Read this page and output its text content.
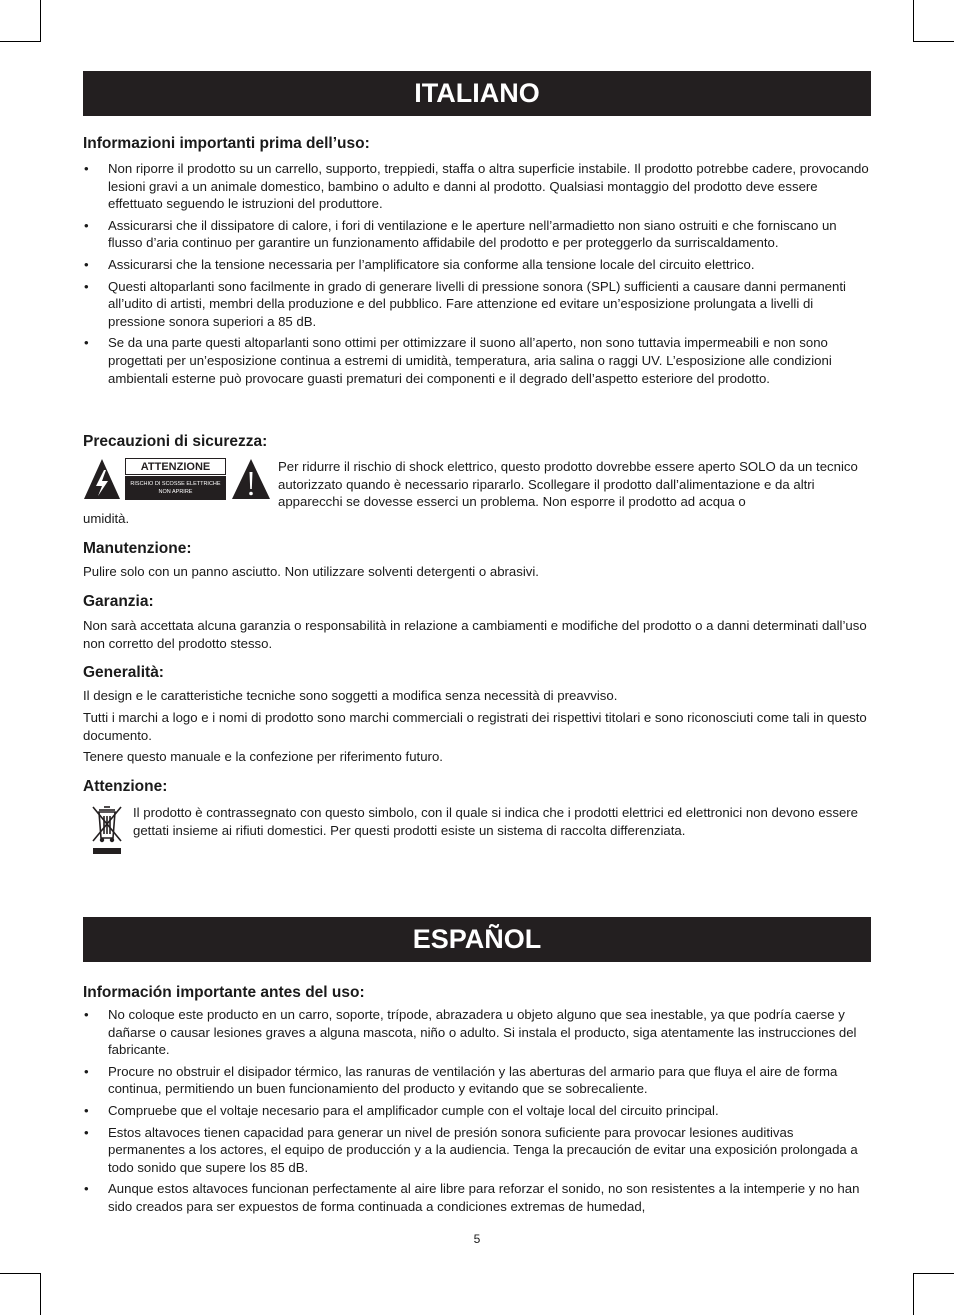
ITALIANO
Informazioni importanti prima dell’uso:
• Non riporre il prodotto su un carrello, supporto, treppiedi, staffa o altra superficie instabile. Il prodotto potrebbe cadere, provocando lesioni gravi a un animale domestico, bambino o adulto e danni al prodotto. Qualsiasi montaggio del prodotto deve essere effettuato seguendo le istruzioni del produttore.
• Assicurarsi che il dissipatore di calore, i fori di ventilazione e le aperture nell’armadietto non siano ostruiti e che forniscano un flusso d’aria continuo per garantire un funzionamento affidabile del prodotto e per proteggerlo da surriscaldamento.
• Assicurarsi che la tensione necessaria per l’amplificatore sia conforme alla tensione locale del circuito elettrico.
• Questi altoparlanti sono facilmente in grado di generare livelli di pressione sonora (SPL) sufficienti a causare danni permanenti all’udito di artisti, membri della produzione e del pubblico. Fare attenzione ed evitare un’esposizione prolungata a livelli di pressione sonora superiori a 85 dB.
• Se da una parte questi altoparlanti sono ottimi per ottimizzare il suono all’aperto, non sono tuttavia impermeabili e non sono progettati per un’esposizione continua a estremi di umidità, temperatura, aria salina o raggi UV. L’esposizione alle condizioni ambientali esterne può provocare guasti prematuri dei componenti e il degrado dell’aspetto esteriore del prodotto.
Precauzioni di sicurezza:
ATTENZIONE
RISCHIO DI SCOSSE ELETTRICHE
NON APRIRE
Per ridurre il rischio di shock elettrico, questo prodotto dovrebbe essere aperto SOLO da un tecnico autorizzato quando è necessario ripararlo. Scollegare il prodotto dall’alimentazione e da altri apparecchi se dovesse esserci un problema. Non esporre il prodotto ad acqua o
umidità.
Manutenzione:

Pulire solo con un panno asciutto. Non utilizzare solventi detergenti o abrasivi.

Garanzia:

Non sarà accettata alcuna garanzia o responsabilità in relazione a cambiamenti e modifiche del prodotto o a danni determinati dall’uso non corretto del prodotto stesso.

Generalità:

Il design e le caratteristiche tecniche sono soggetti a modifica senza necessità di preavviso.

Tutti i marchi a logo e i nomi di prodotto sono marchi commerciali o registrati dei rispettivi titolari e sono riconosciuti come tali in questo documento.

Tenere questo manuale e la confezione per riferimento futuro.

Attenzione:

Il prodotto è contrassegnato con questo simbolo, con il quale si indica che i prodotti elettrici ed elettronici non devono essere gettati insieme ai rifiuti domestici. Per questi prodotti esiste un sistema di raccolta differenziata.

ESPAÑOL
Información importante antes del uso:
• No coloque este producto en un carro, soporte, trípode, abrazadera u objeto alguno que sea inestable, ya que podría caerse y dañarse o causar lesiones graves a alguna mascota, niño o adulto. Si instala el producto, siga atentamente las instrucciones del fabricante.
• Procure no obstruir el disipador térmico, las ranuras de ventilación y las aberturas del armario para que fluya el aire de forma continua, permitiendo un buen funcionamiento del producto y evitando que se sobrecaliente.
• Compruebe que el voltaje necesario para el amplificador cumple con el voltaje local del circuito principal.
• Estos altavoces tienen capacidad para generar un nivel de presión sonora suficiente para provocar lesiones auditivas permanentes a los actores, el equipo de producción y a la audiencia. Tenga la precaución de evitar una exposición prolongada a todo sonido que supere los 85 dB.
• Aunque estos altavoces funcionan perfectamente al aire libre para reforzar el sonido, no son resistentes a la intemperie y no han sido creados para ser expuestos de forma continuada a condiciones extremas de humedad,
5
